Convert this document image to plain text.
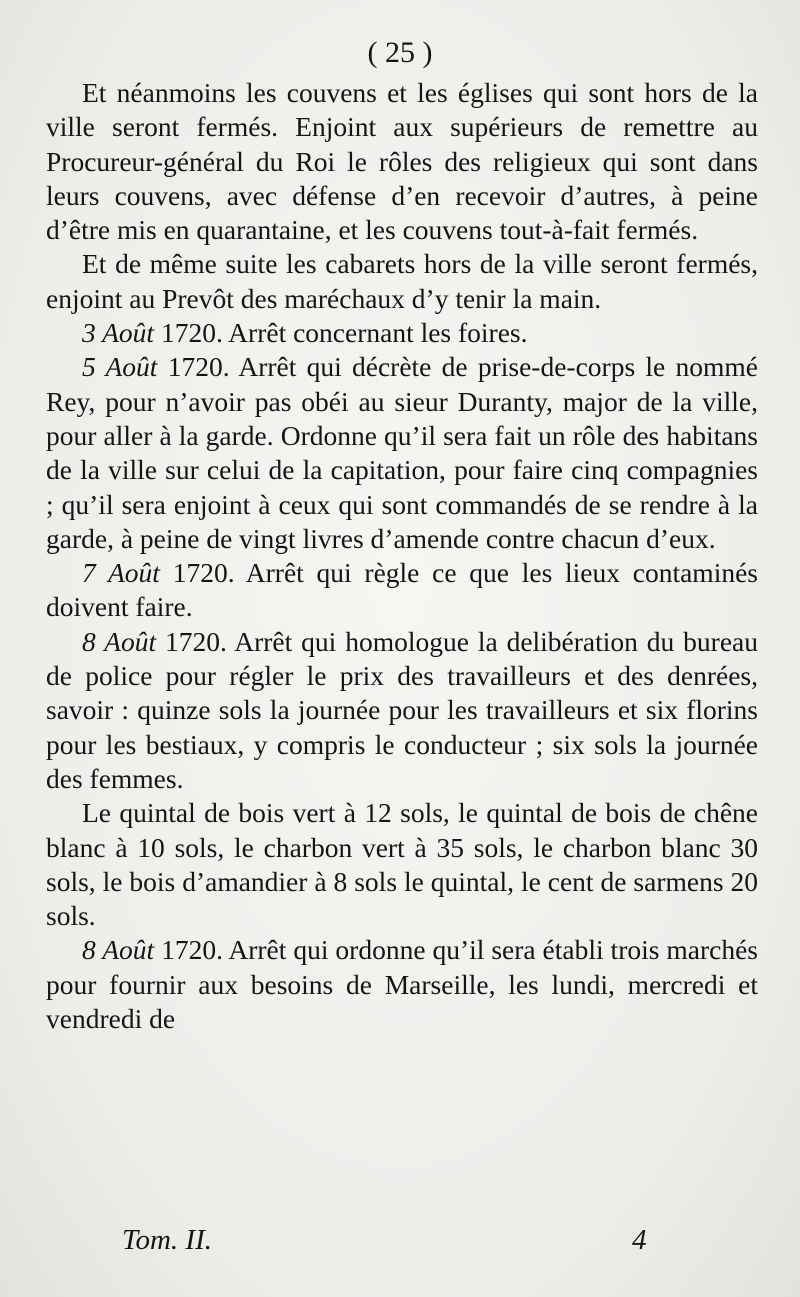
( 25 )

Et néanmoins les couvens et les églises qui sont hors de la ville seront fermés. Enjoint aux supérieurs de remettre au Procureur-général du Roi le rôles des religieux qui sont dans leurs couvens, avec défense d’en recevoir d’autres, à peine d’être mis en quarantaine, et les couvens tout-à-fait fermés.

Et de même suite les cabarets hors de la ville seront fermés, enjoint au Prevôt des maréchaux d’y tenir la main.

3 Août 1720. Arrêt concernant les foires.

5 Août 1720. Arrêt qui décrète de prise-de-corps le nommé Rey, pour n’avoir pas obéi au sieur Duranty, major de la ville, pour aller à la garde. Ordonne qu’il sera fait un rôle des habitans de la ville sur celui de la capitation, pour faire cinq compagnies ; qu’il sera enjoint à ceux qui sont commandés de se rendre à la garde, à peine de vingt livres d’amende contre chacun d’eux.

7 Août 1720. Arrêt qui règle ce que les lieux contaminés doivent faire.

8 Août 1720. Arrêt qui homologue la delibération du bureau de police pour régler le prix des travailleurs et des denrées, savoir : quinze sols la journée pour les travailleurs et six florins pour les bestiaux, y compris le conducteur ; six sols la journée des femmes.

Le quintal de bois vert à 12 sols, le quintal de bois de chêne blanc à 10 sols, le charbon vert à 35 sols, le charbon blanc 30 sols, le bois d’amandier à 8 sols le quintal, le cent de sarmens 20 sols.

8 Août 1720. Arrêt qui ordonne qu’il sera établi trois marchés pour fournir aux besoins de Marseille, les lundi, mercredi et vendredi de

Tom. II.	4
